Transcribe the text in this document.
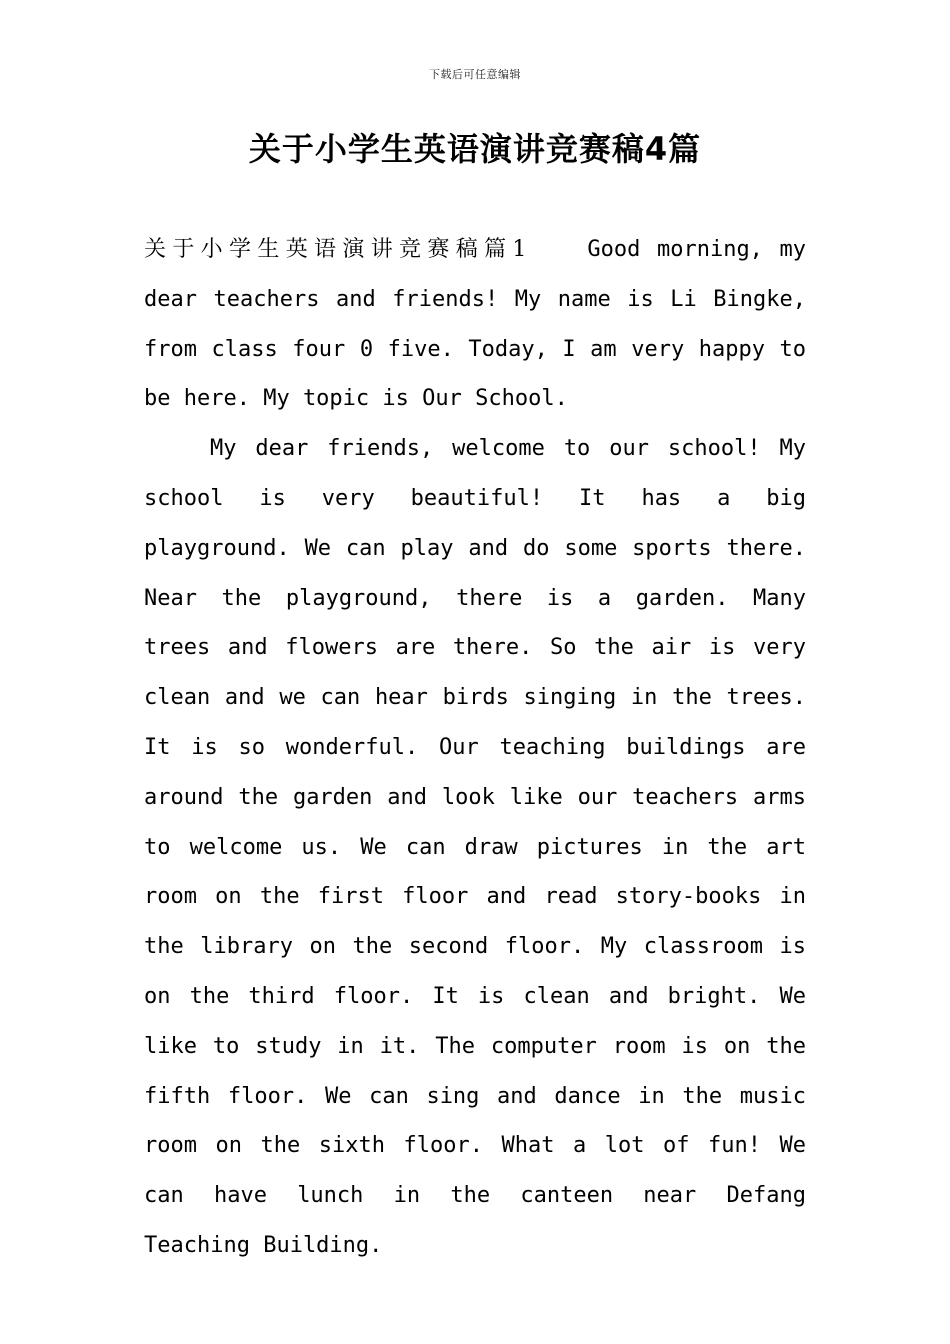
下载后可任意编辑
关于小学生英语演讲竞赛稿4篇

关于小学生英语演讲竞赛稿篇1	Good morning, my dear teachers and friends! My name is Li Bingke, from class four 0 five. Today, I am very happy to be here. My topic is Our School.

My dear friends, welcome to our school! My school is very beautiful! It has a big playground. We can play and do some sports there. Near the playground, there is a garden. Many trees and flowers are there. So the air is very clean and we can hear birds singing in the trees. It is so wonderful. Our teaching buildings are around the garden and look like our teachers arms to welcome us. We can draw pictures in the art room on the first floor and read story-books in the library on the second floor. My classroom is on the third floor. It is clean and bright. We like to study in it. The computer room is on the fifth floor. We can sing and dance in the music room on the sixth floor. What a lot of fun! We can have lunch in the canteen near Defang Teaching Building.
